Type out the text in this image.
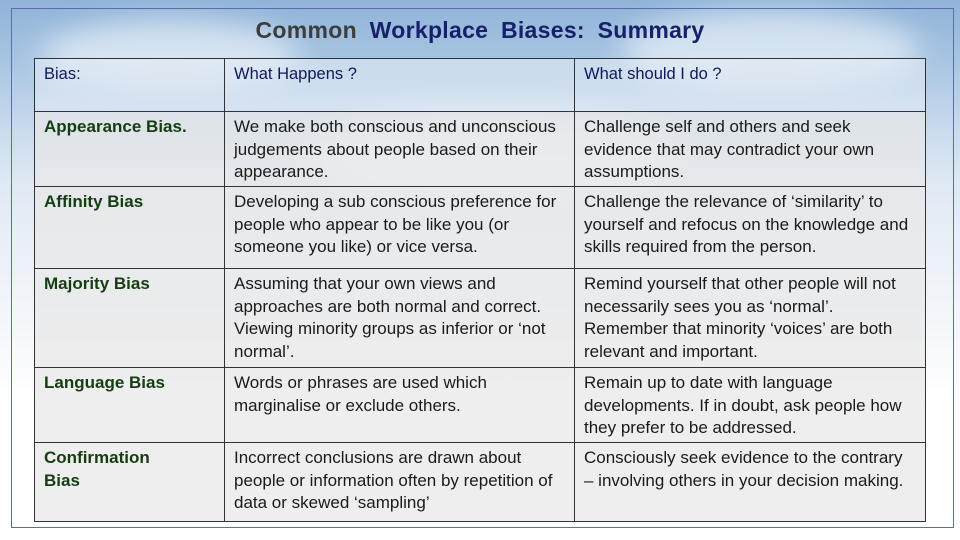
Common Workplace Biases: Summary
Bias:	What Happens ?	What should I do ?
Appearance Bias.	We make both conscious and unconscious judgements about people based on their appearance.	Challenge self and others and seek evidence that may contradict your own assumptions.
Affinity Bias	Developing a sub conscious preference for people who appear to be like you (or someone you like) or vice versa.	Challenge the relevance of ‘similarity’ to yourself and refocus on the knowledge and skills required from the person.
Majority Bias	Assuming that your own views and approaches are both normal and correct. Viewing minority groups as inferior or ‘not normal’.	Remind yourself that other people will not necessarily sees you as ‘normal’. Remember that minority ‘voices’ are both relevant and important.
Language Bias	Words or phrases are used which marginalise or exclude others.	Remain up to date with language developments. If in doubt, ask people how they prefer to be addressed.
Confirmation Bias	Incorrect conclusions are drawn about people or information often by repetition of data or skewed ‘sampling’	Consciously seek evidence to the contrary – involving others in your decision making.
